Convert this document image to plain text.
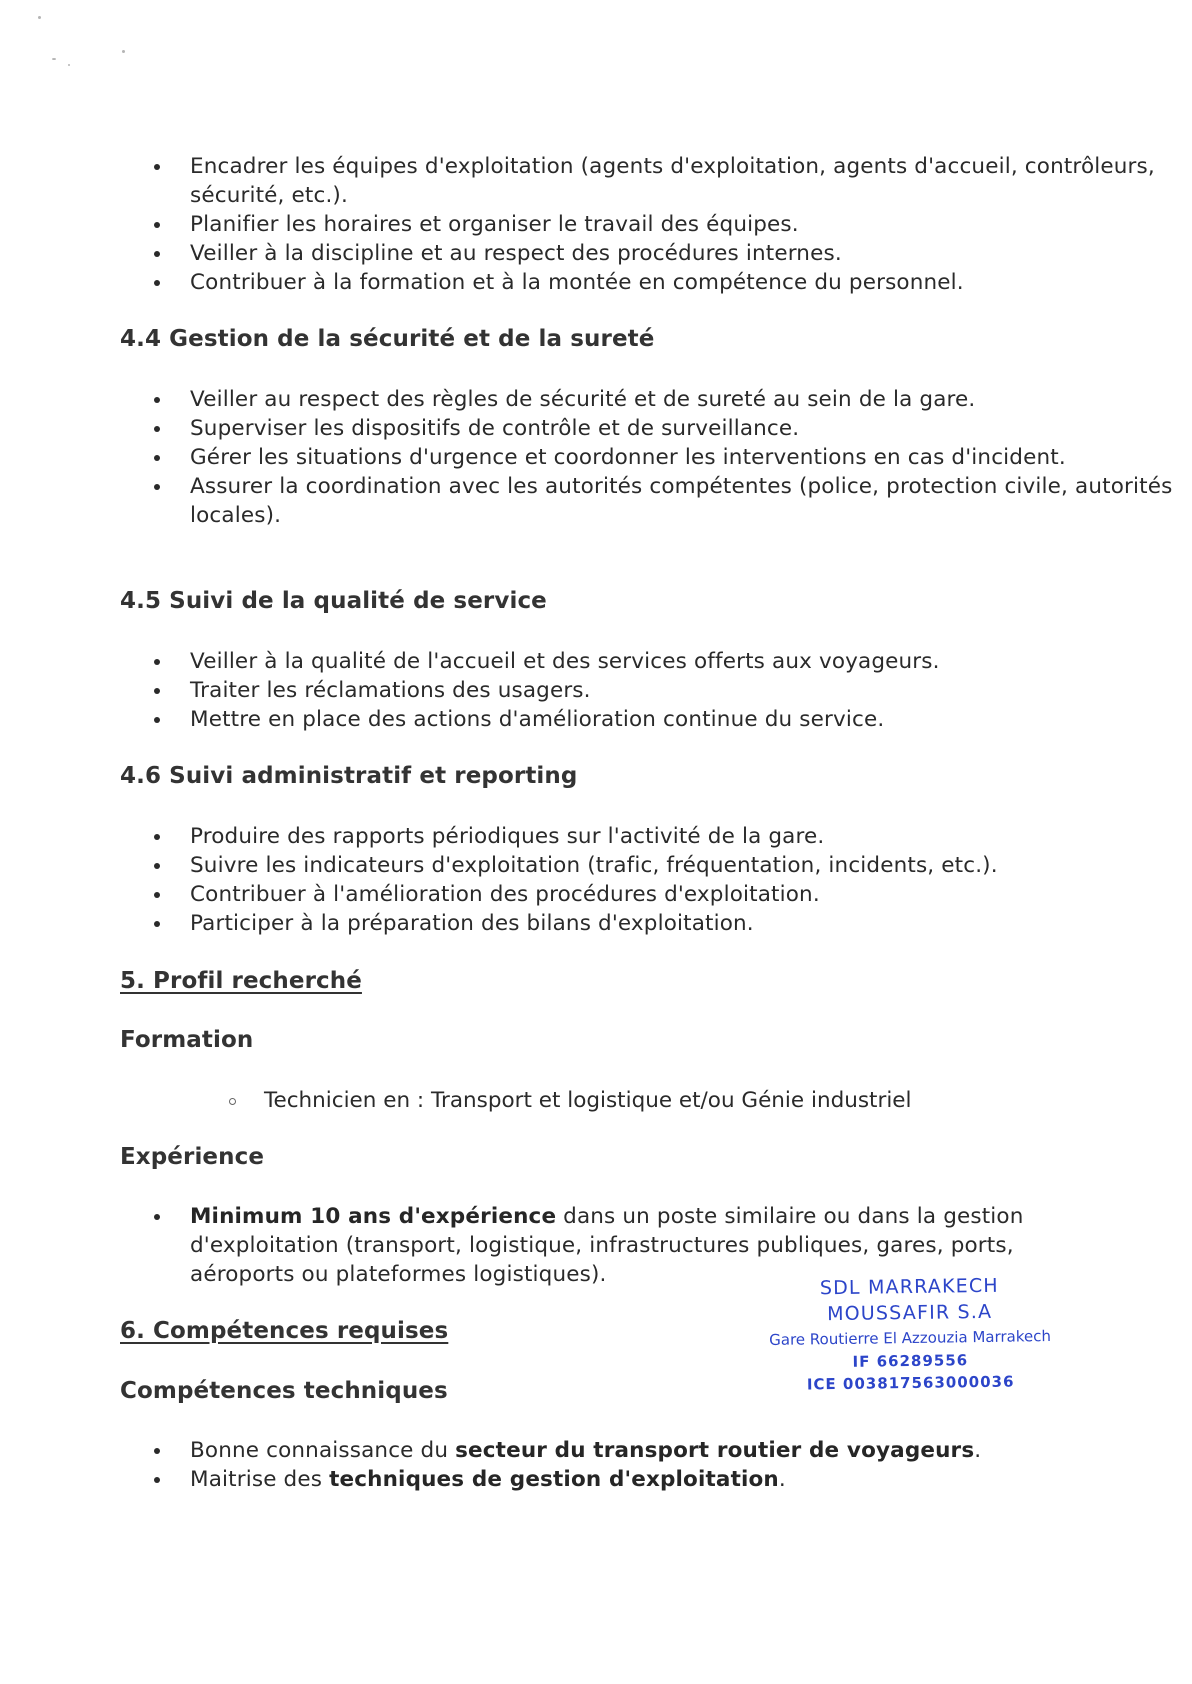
Encadrer les équipes d'exploitation (agents d'exploitation, agents d'accueil, contrôleurs, sécurité, etc.).
Planifier les horaires et organiser le travail des équipes.
Veiller à la discipline et au respect des procédures internes.
Contribuer à la formation et à la montée en compétence du personnel.
4.4 Gestion de la sécurité et de la sureté
Veiller au respect des règles de sécurité et de sureté au sein de la gare.
Superviser les dispositifs de contrôle et de surveillance.
Gérer les situations d'urgence et coordonner les interventions en cas d'incident.
Assurer la coordination avec les autorités compétentes (police, protection civile, autorités locales).
4.5 Suivi de la qualité de service
Veiller à la qualité de l'accueil et des services offerts aux voyageurs.
Traiter les réclamations des usagers.
Mettre en place des actions d'amélioration continue du service.
4.6 Suivi administratif et reporting
Produire des rapports périodiques sur l'activité de la gare.
Suivre les indicateurs d'exploitation (trafic, fréquentation, incidents, etc.).
Contribuer à l'amélioration des procédures d'exploitation.
Participer à la préparation des bilans d'exploitation.
5. Profil recherché
Formation
Technicien en : Transport et logistique et/ou Génie industriel
Expérience
Minimum 10 ans d'expérience dans un poste similaire ou dans la gestion d'exploitation (transport, logistique, infrastructures publiques, gares, ports, aéroports ou plateformes logistiques).
6. Compétences requises
Compétences techniques
Bonne connaissance du secteur du transport routier de voyageurs.
Maitrise des techniques de gestion d'exploitation.
SDL MARRAKECH
MOUSSAFIR S.A
Gare Routierre El Azzouzia Marrakech
IF 66289556
ICE 003817563000036
